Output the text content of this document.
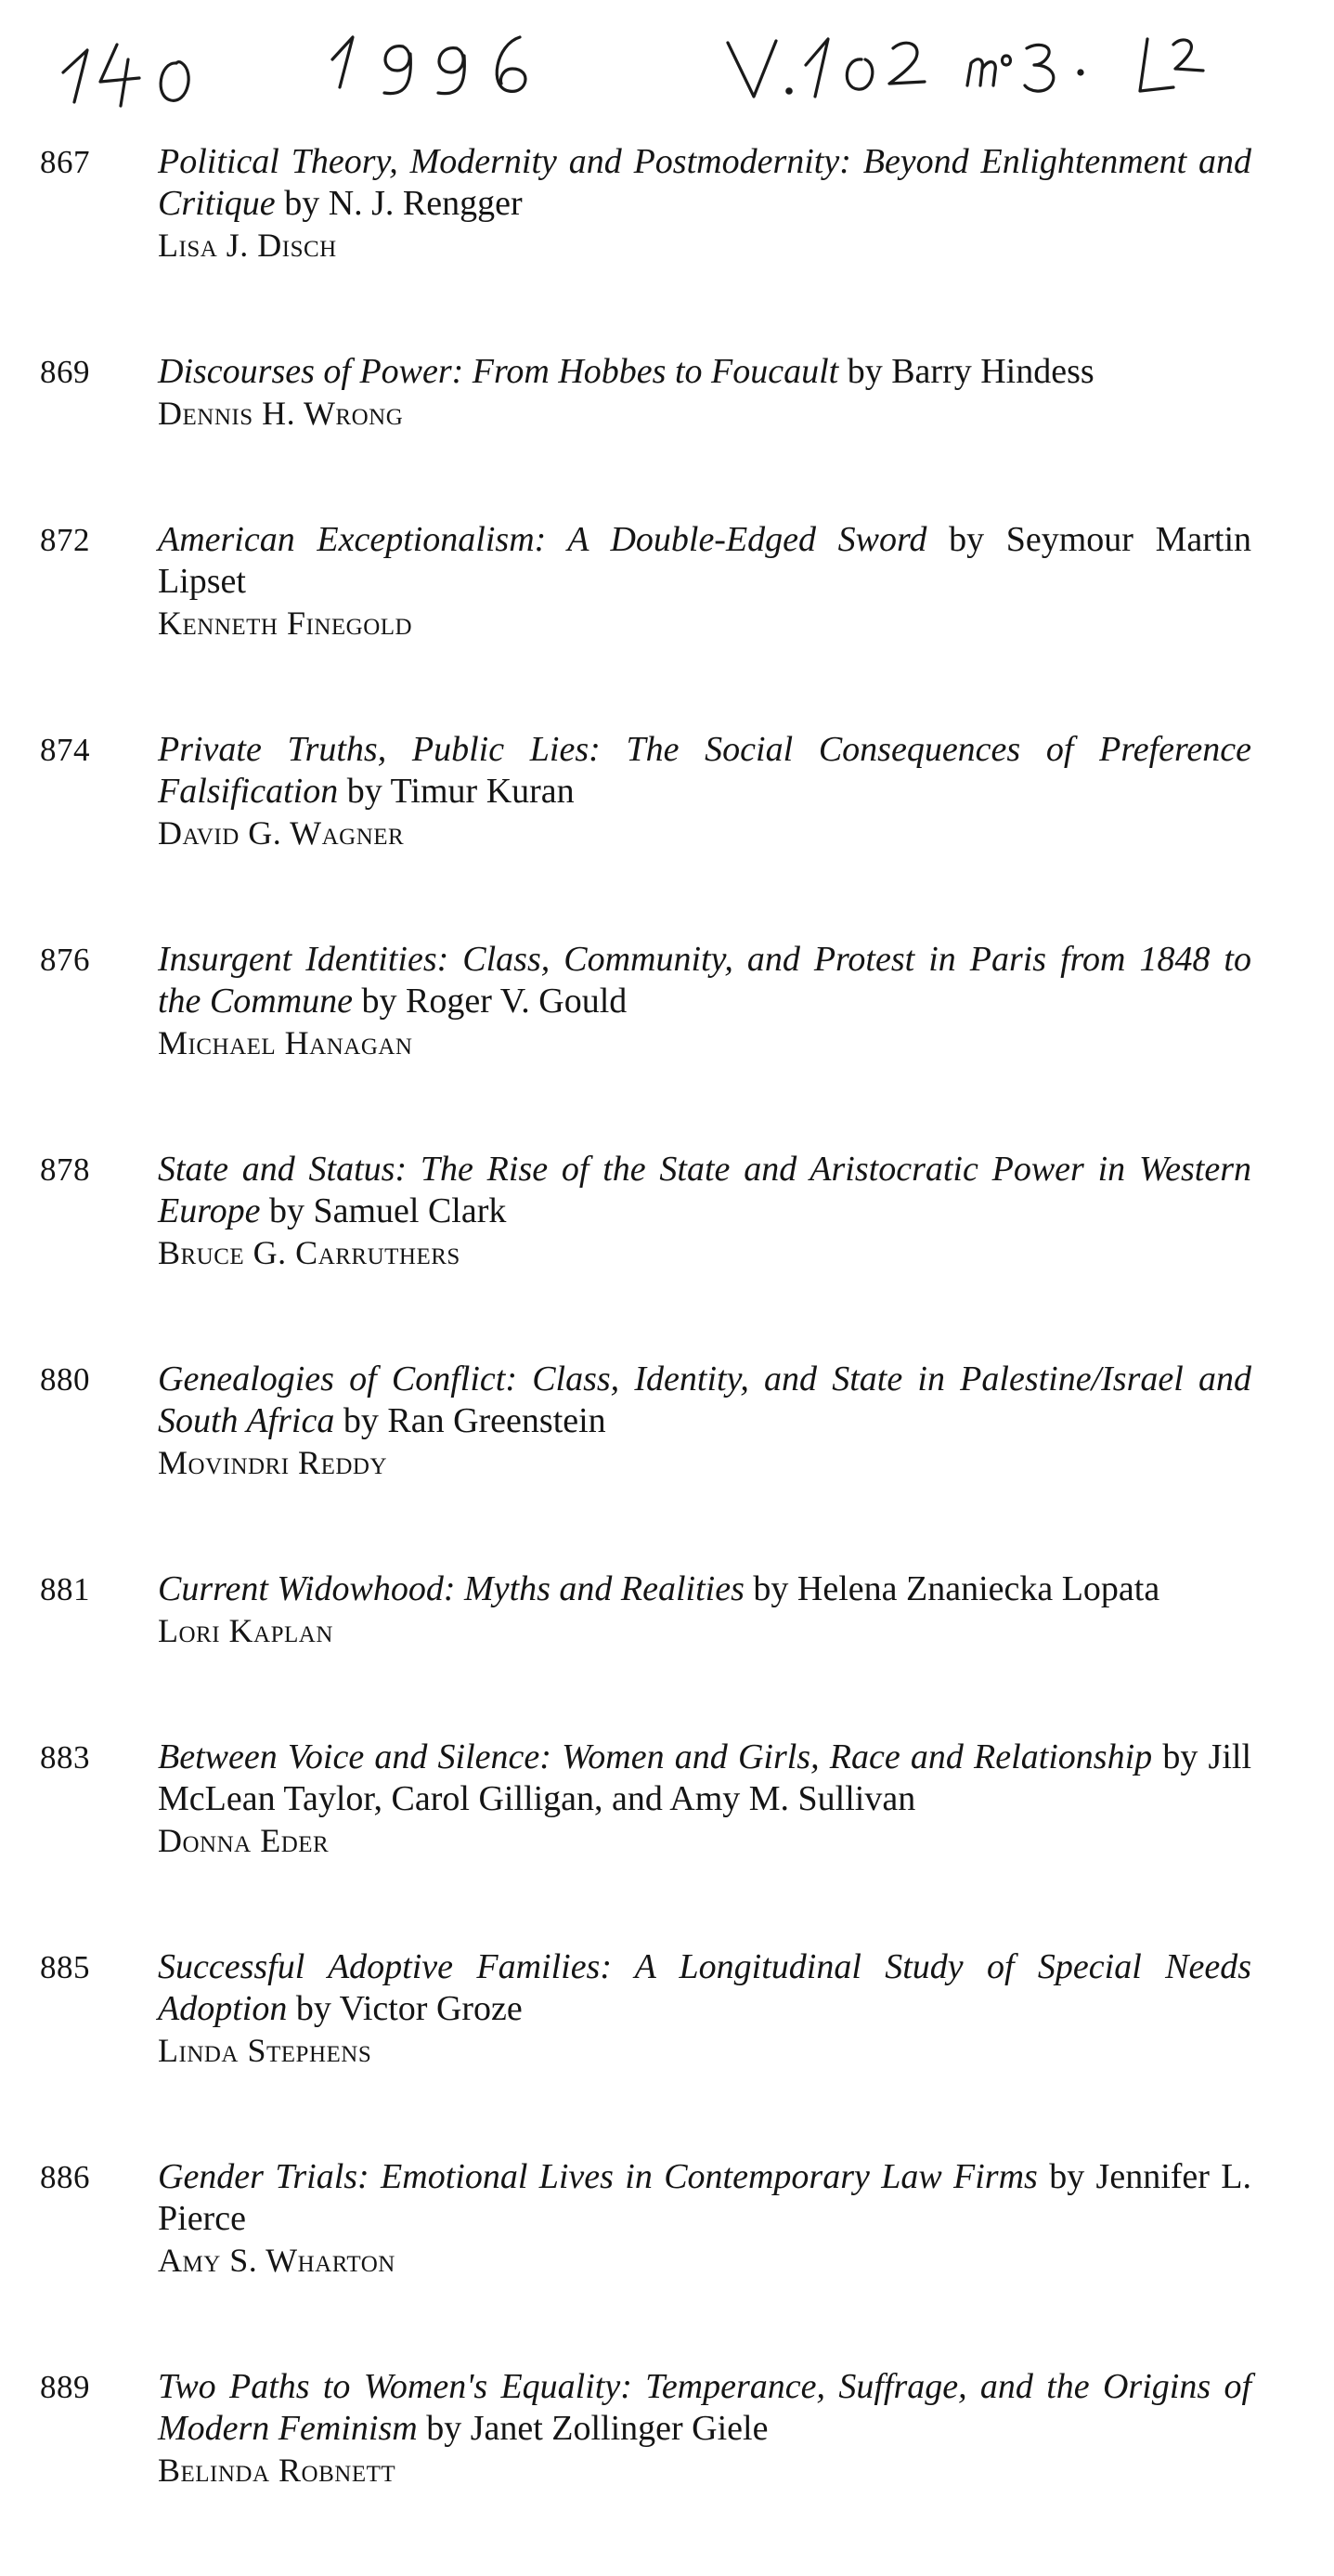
867	Political Theory, Modernity and Postmodernity: Beyond Enlightenment and Critique by N. J. Rengger
Lisa J. Disch
869	Discourses of Power: From Hobbes to Foucault by Barry Hindess
Dennis H. Wrong
872	American Exceptionalism: A Double-Edged Sword by Seymour Martin Lipset
Kenneth Finegold
874	Private Truths, Public Lies: The Social Consequences of Preference Falsification by Timur Kuran
David G. Wagner
876	Insurgent Identities: Class, Community, and Protest in Paris from 1848 to the Commune by Roger V. Gould
Michael Hanagan
878	State and Status: The Rise of the State and Aristocratic Power in Western Europe by Samuel Clark
Bruce G. Carruthers
880	Genealogies of Conflict: Class, Identity, and State in Palestine/Israel and South Africa by Ran Greenstein
Movindri Reddy
881	Current Widowhood: Myths and Realities by Helena Znaniecka Lopata
Lori Kaplan
883	Between Voice and Silence: Women and Girls, Race and Relationship by Jill McLean Taylor, Carol Gilligan, and Amy M. Sullivan
Donna Eder
885	Successful Adoptive Families: A Longitudinal Study of Special Needs Adoption by Victor Groze
Linda Stephens
886	Gender Trials: Emotional Lives in Contemporary Law Firms by Jennifer L. Pierce
Amy S. Wharton
889	Two Paths to Women's Equality: Temperance, Suffrage, and the Origins of Modern Feminism by Janet Zollinger Giele
Belinda Robnett
